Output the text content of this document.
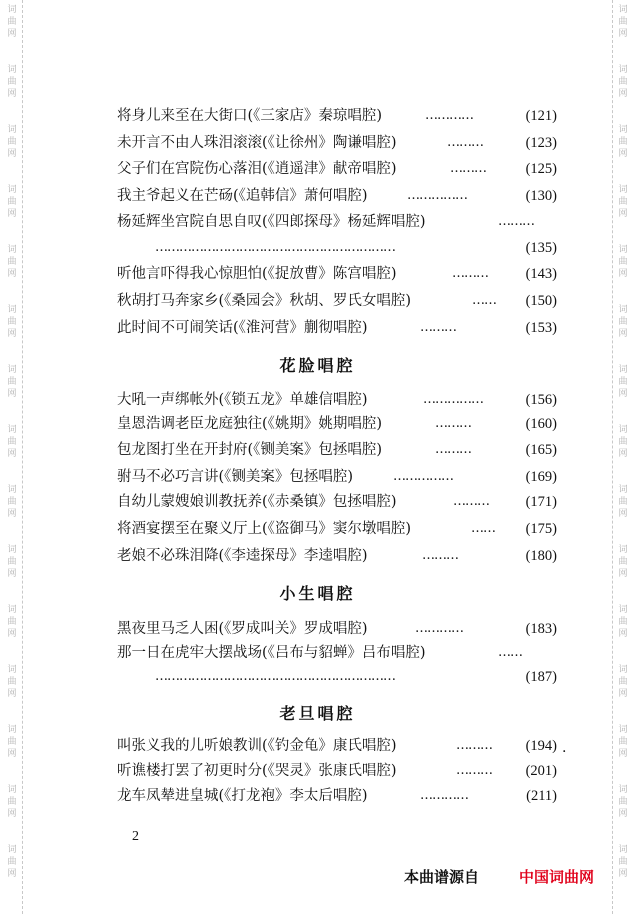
词
曲
网
词
曲
网
词
曲
网
词
曲
网
词
曲
网
词
曲
网
词
曲
网
词
曲
网
词
曲
网
词
曲
网
词
曲
网
词
曲
网
词
曲
网
词
曲
网
词
曲
网
词
曲
网
词
曲
网
词
曲
网
词
曲
网
词
曲
网
词
曲
网
词
曲
网
词
曲
网
词
曲
网
词
曲
网
词
曲
网
词
曲
网
词
曲
网
词
曲
网
词
曲
网
将身儿来至在大街口(《三家店》秦琼唱腔)	…………	(121)
未开言不由人珠泪滚滚(《让徐州》陶谦唱腔)	………	(123)
父子们在宫院伤心落泪(《逍遥津》献帝唱腔)	………	(125)
我主爷起义在芒砀(《追韩信》萧何唱腔)	……………	(130)
杨延辉坐宫院自思自叹(《四郎探母》杨延辉唱腔)	………
……………………………………………………	(135)
听他言吓得我心惊胆怕(《捉放曹》陈宫唱腔)	………	(143)
秋胡打马奔家乡(《桑园会》秋胡、罗氏女唱腔)	…… (150)
此时间不可闹笑话(《淮河营》蒯彻唱腔)	………	(153)
花脸唱腔
大吼一声绑帐外(《锁五龙》单雄信唱腔)	……………	(156)
皇恩浩调老臣龙庭独往(《姚期》姚期唱腔)	………	(160)
包龙图打坐在开封府(《铡美案》包拯唱腔)	………	(165)
驸马不必巧言讲(《铡美案》包拯唱腔)	……………	(169)
自幼儿蒙嫂娘训教抚养(《赤桑镇》包拯唱腔)	………	(171)
将酒宴摆至在聚义厅上(《盗御马》窦尔墩唱腔)	…… (175)
老娘不必珠泪降(《李逵探母》李逵唱腔)	………	(180)
小生唱腔
黑夜里马乏人困(《罗成叫关》罗成唱腔)	…………	(183)
那一日在虎牢大摆战场(《吕布与貂蝉》吕布唱腔)	……
……………………………………………………	(187)
老旦唱腔
叫张义我的儿听娘教训(《钓金龟》康氏唱腔)	……… (194)
听谯楼打罢了初更时分(《哭灵》张康氏唱腔)	……… (201)
龙车凤辇进皇城(《打龙袍》李太后唱腔)	…………	(211)
.
2
本曲谱源自	中国词曲网
